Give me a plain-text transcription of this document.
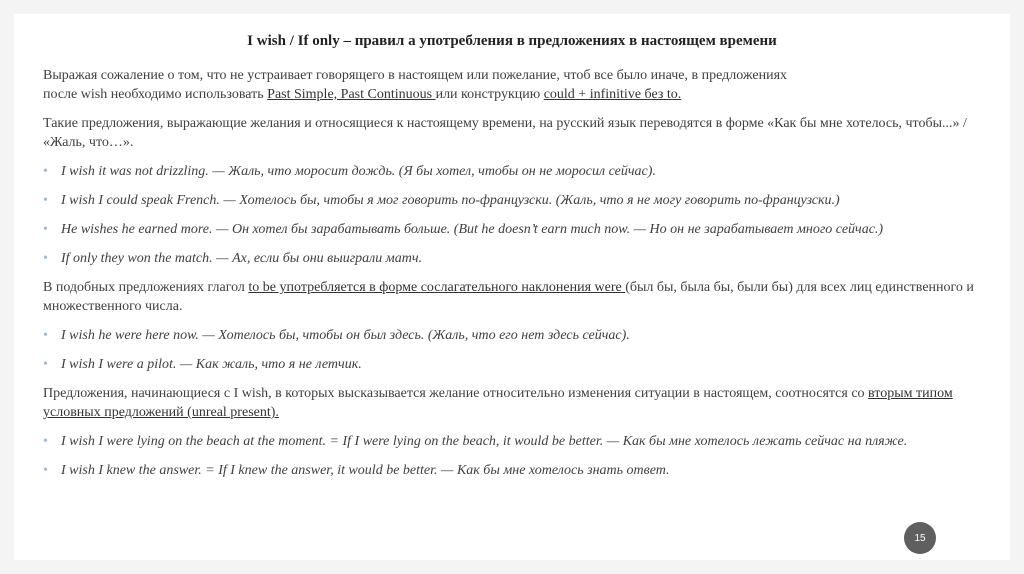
I wish / If only – правил а употребления в предложениях в настоящем времени
Выражая сожаление о том, что не устраивает говорящего в настоящем или пожелание, чтоб все было иначе, в предложениях
после wish необходимо использовать Past Simple, Past Continuous или конструкцию could + infinitive без to.
Такие предложения, выражающие желания и относящиеся к настоящему времени, на русский язык переводятся в форме «Как бы мне хотелось, чтобы...» / «Жаль, что…».
• I wish it was not drizzling. — Жаль, что моросит дождь. (Я бы хотел, чтобы он не моросил сейчас).
• I wish I could speak French. — Хотелось бы, чтобы я мог говорить по-французски. (Жаль, что я не могу говорить по-французски.)
• He wishes he earned more. — Он хотел бы зарабатывать больше. (But he doesn’t earn much now. — Но он не зарабатывает много сейчас.)
• If only they won the match. — Ах, если бы они выиграли матч.
В подобных предложениях глагол to be употребляется в форме сослагательного наклонения were (был бы, была бы, были бы) для всех лиц единственного и множественного числа.
• I wish he were here now. — Хотелось бы, чтобы он был здесь. (Жаль, что его нет здесь сейчас).
• I wish I were a pilot. — Как жаль, что я не летчик.
Предложения, начинающиеся с I wish, в которых высказывается желание относительно изменения ситуации в настоящем, соотносятся со вторым типом условных предложений (unreal present).
• I wish I were lying on the beach at the moment. = If I were lying on the beach, it would be better. — Как бы мне хотелось лежать сейчас на пляже.
• I wish I knew the answer. = If I knew the answer, it would be better. — Как бы мне хотелось знать ответ.
15
